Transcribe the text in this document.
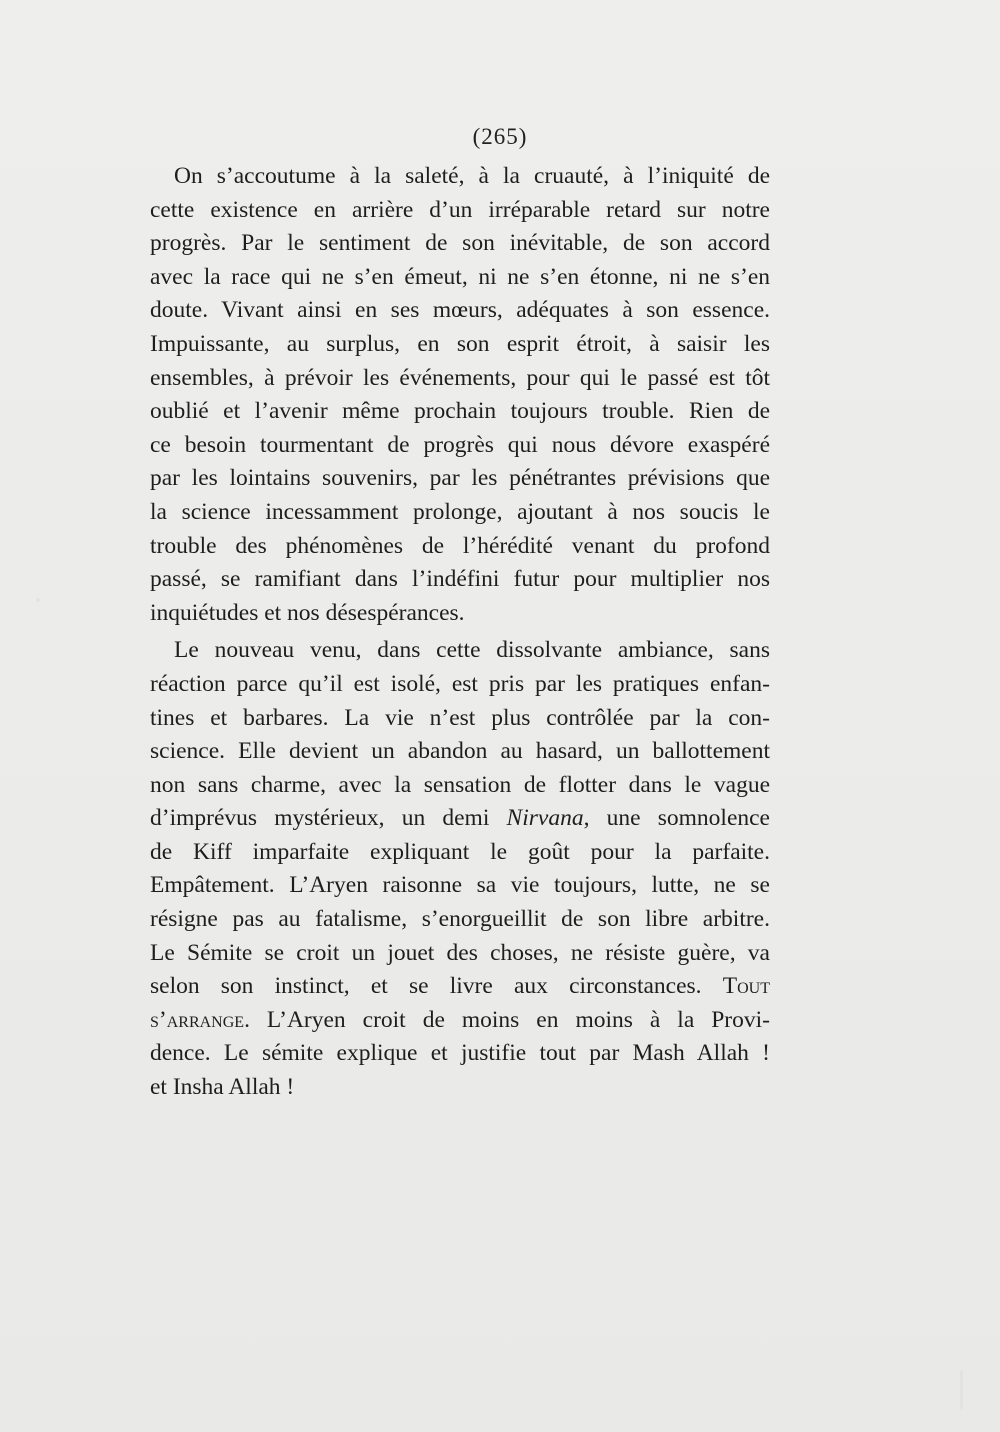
(265)
On s’accoutume à la saleté, à la cruauté, à l’iniquité de
cette existence en arrière d’un irréparable retard sur notre
progrès. Par le sentiment de son inévitable, de son accord
avec la race qui ne s’en émeut, ni ne s’en étonne, ni ne s’en
doute. Vivant ainsi en ses mœurs, adéquates à son essence.
Impuissante, au surplus, en son esprit étroit, à saisir les
ensembles, à prévoir les événements, pour qui le passé est tôt
oublié et l’avenir même prochain toujours trouble. Rien de
ce besoin tourmentant de progrès qui nous dévore exaspéré
par les lointains souvenirs, par les pénétrantes prévisions que
la science incessamment prolonge, ajoutant à nos soucis le
trouble des phénomènes de l’hérédité venant du profond
passé, se ramifiant dans l’indéfini futur pour multiplier nos
inquiétudes et nos désespérances.
Le nouveau venu, dans cette dissolvante ambiance, sans
réaction parce qu’il est isolé, est pris par les pratiques enfan-
tines et barbares. La vie n’est plus contrôlée par la con-
science. Elle devient un abandon au hasard, un ballottement
non sans charme, avec la sensation de flotter dans le vague
d’imprévus mystérieux, un demi Nirvana, une somnolence
de Kiff imparfaite expliquant le goût pour la parfaite.
Empâtement. L’Aryen raisonne sa vie toujours, lutte, ne se
résigne pas au fatalisme, s’enorgueillit de son libre arbitre.
Le Sémite se croit un jouet des choses, ne résiste guère, va
selon son instinct, et se livre aux circonstances. Tout
s’arrange. L’Aryen croit de moins en moins à la Provi-
dence. Le sémite explique et justifie tout par Mash Allah !
et Insha Allah !
